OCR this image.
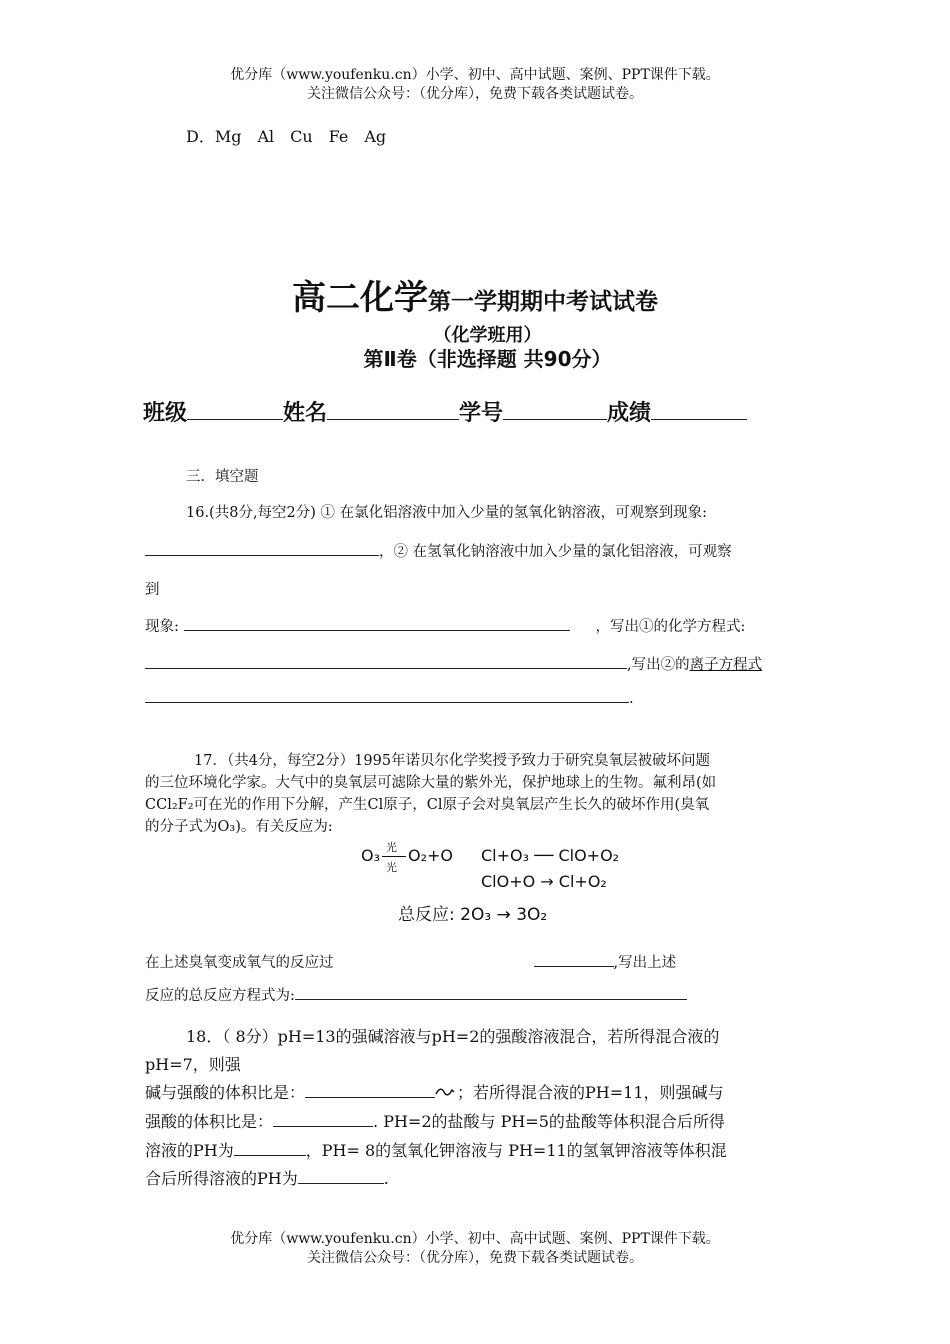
优分库（www.youfenku.cn）小学、初中、高中试题、案例、PPT课件下载。
关注微信公众号：（优分库），免费下载各类试题试卷。
D．Mg　Al　Cu　Fe　Ag
高二化学第一学期期中考试试卷
（化学班用）
第Ⅱ卷（非选择题 共90分）
班级	姓名	学号	成绩
三．填空题
16.(共8分,每空2分) ① 在氯化铝溶液中加入少量的氢氧化钠溶液，可观察到现象:
，② 在氢氧化钠溶液中加入少量的氯化铝溶液，可观察
到
现象:	，写出①的化学方程式:
,写出②的离子方程式
.
17．（共4分，每空2分）1995年诺贝尔化学奖授予致力于研究臭氧层被破坏问题
的三位环境化学家。大气中的臭氧层可滤除大量的紫外光，保护地球上的生物。氟利昂(如
CCl₂F₂可在光的作用下分解，产生Cl原子，Cl原子会对臭氧层产生长久的破坏作用(臭氧
的分子式为O₃)。有关反应为:
O₃ 光
光
O₂+O Cl+O₃ ── ClO+O₂
ClO+O → Cl+O₂
总反应: 2O₃ → 3O₂
在上述臭氧变成氧气的反应过	,写出上述
反应的总反应方程式为:
18．（ 8分）pH=13的强碱溶液与pH=2的强酸溶液混合，若所得混合液的
pH=7，则强
碱与强酸的体积比是：	；若所得混合液的PH=11，则强碱与
强酸的体积比是：	. PH=2的盐酸与 PH=5的盐酸等体积混合后所得
溶液的PH为	，PH= 8的氢氧化钾溶液与 PH=11的氢氧钾溶液等体积混
合后所得溶液的PH为	.
优分库（www.youfenku.cn）小学、初中、高中试题、案例、PPT课件下载。
关注微信公众号：（优分库），免费下载各类试题试卷。
